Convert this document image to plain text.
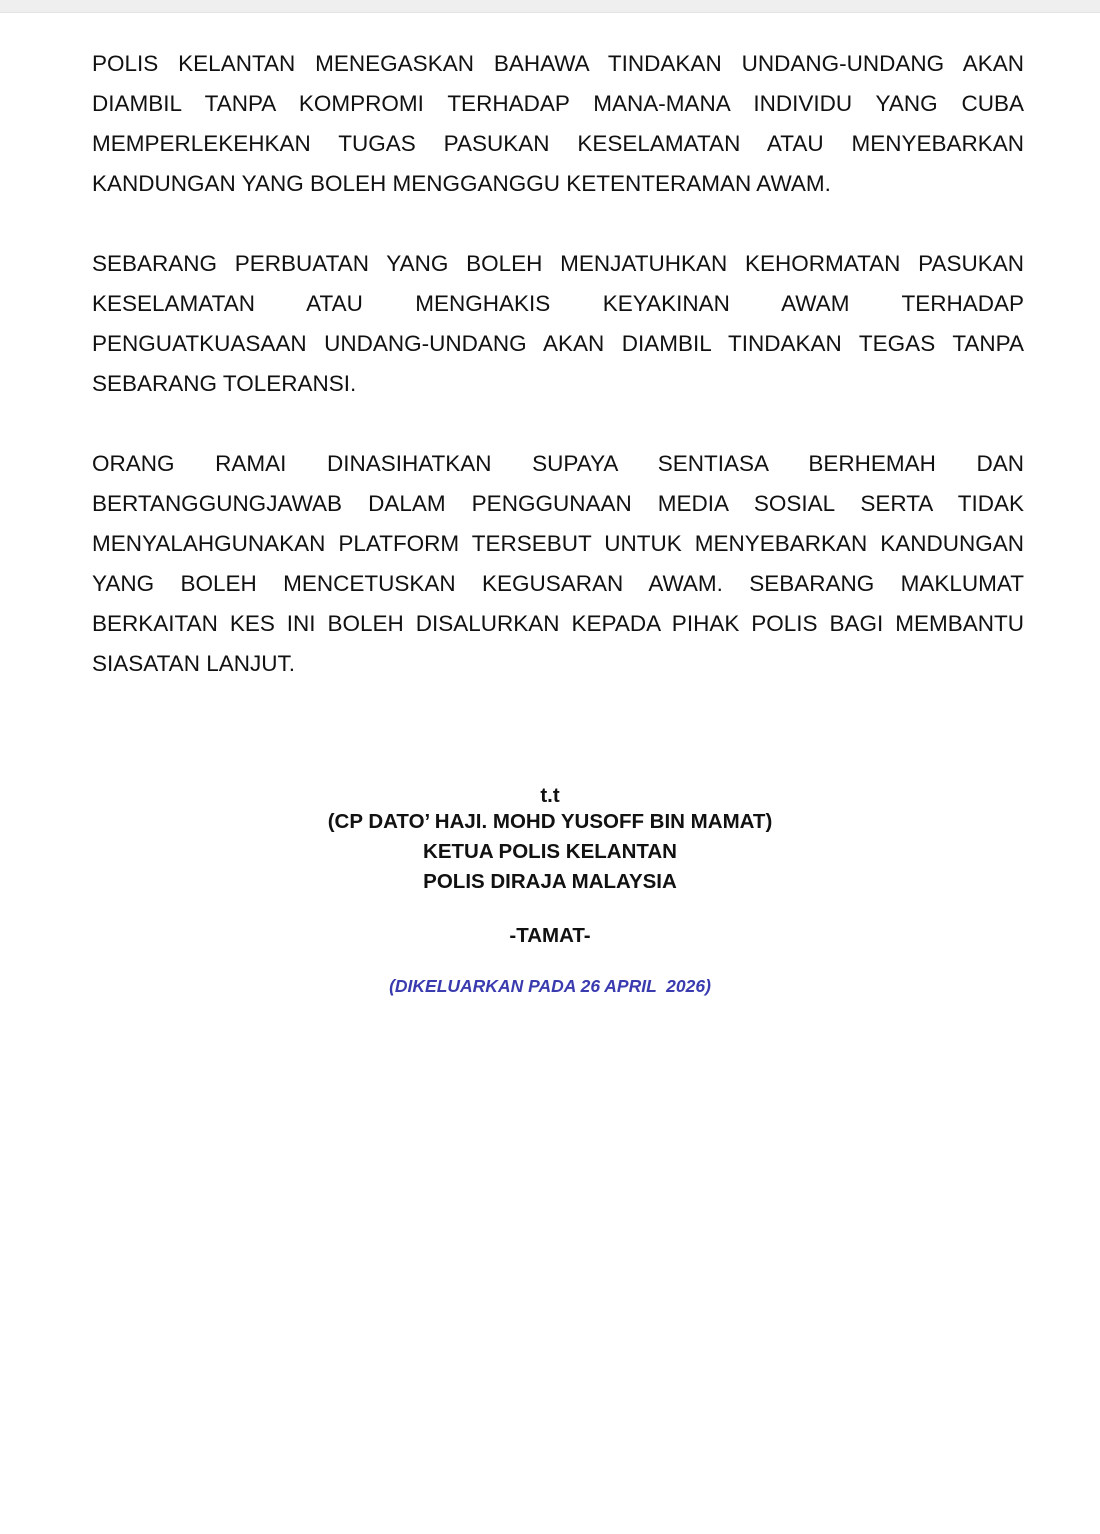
POLIS KELANTAN MENEGASKAN BAHAWA TINDAKAN UNDANG-UNDANG AKAN
DIAMBIL TANPA KOMPROMI TERHADAP MANA-MANA INDIVIDU YANG CUBA
MEMPERLEKEHKAN TUGAS PASUKAN KESELAMATAN ATAU MENYEBARKAN
KANDUNGAN YANG BOLEH MENGGANGGU KETENTERAMAN AWAM.
SEBARANG PERBUATAN YANG BOLEH MENJATUHKAN KEHORMATAN PASUKAN
KESELAMATAN ATAU MENGHAKIS KEYAKINAN AWAM TERHADAP
PENGUATKUASAAN UNDANG-UNDANG AKAN DIAMBIL TINDAKAN TEGAS TANPA
SEBARANG TOLERANSI.
ORANG RAMAI DINASIHATKAN SUPAYA SENTIASA BERHEMAH DAN
BERTANGGUNGJAWAB DALAM PENGGUNAAN MEDIA SOSIAL SERTA TIDAK
MENYALAHGUNAKAN PLATFORM TERSEBUT UNTUK MENYEBARKAN KANDUNGAN
YANG BOLEH MENCETUSKAN KEGUSARAN AWAM. SEBARANG MAKLUMAT
BERKAITAN KES INI BOLEH DISALURKAN KEPADA PIHAK POLIS BAGI MEMBANTU
SIASATAN LANJUT.
t.t
(CP DATO’ HAJI. MOHD YUSOFF BIN MAMAT)
KETUA POLIS KELANTAN
POLIS DIRAJA MALAYSIA
-TAMAT-
(DIKELUARKAN PADA 26 APRIL  2026)
